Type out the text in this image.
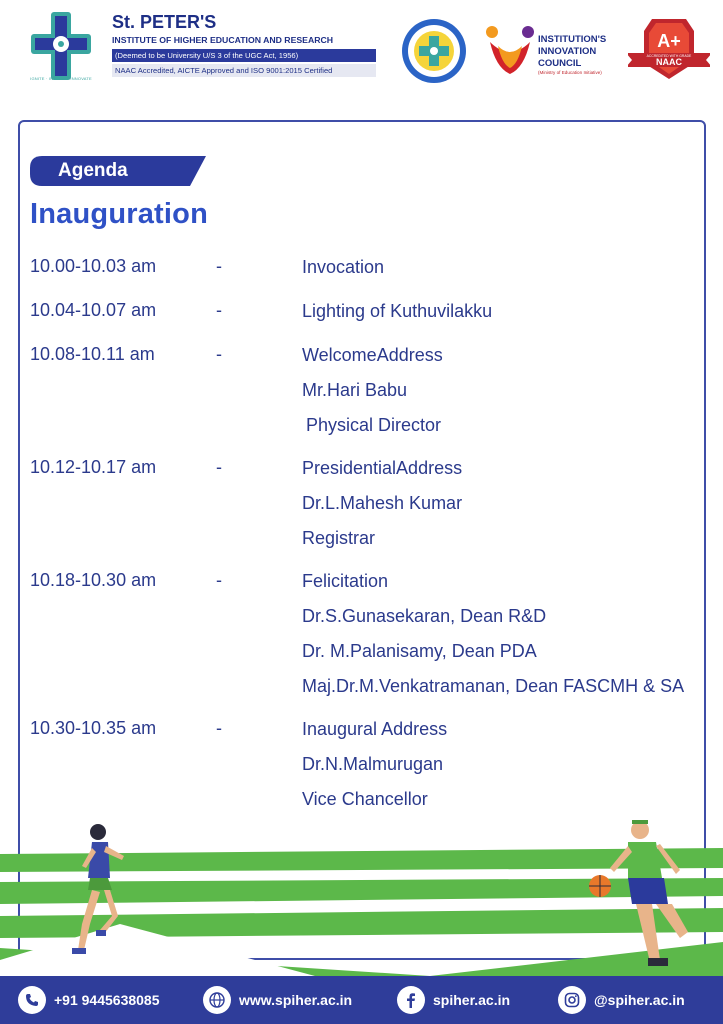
IGNITE · INSPIRE · INNOVATE
St. PETER'S
INSTITUTE OF HIGHER EDUCATION AND RESEARCH
(Deemed to be University U/S 3 of the UGC Act, 1956)
NAAC Accredited, AICTE Approved and ISO 9001:2015 Certified
INSTITUTION'S INNOVATION COUNCIL
(Ministry of Education Initiative)
A+
ACCREDITED WITH GRADE
NAAC
Agenda
Inauguration
10.00-10.03 am	-	Invocation
10.04-10.07 am	-	Lighting of Kuthuvilakku
10.08-10.11 am	-	WelcomeAddress
Mr.Hari Babu
Physical Director
10.12-10.17 am	-	PresidentialAddress
Dr.L.Mahesh Kumar
Registrar
10.18-10.30 am	-	Felicitation
Dr.S.Gunasekaran, Dean R&D
Dr. M.Palanisamy, Dean PDA
Maj.Dr.M.Venkatramanan, Dean FASCMH & SA
10.30-10.35 am	-	Inaugural Address
Dr.N.Malmurugan
Vice Chancellor
+91 9445638085	www.spiher.ac.in	spiher.ac.in	@spiher.ac.in
